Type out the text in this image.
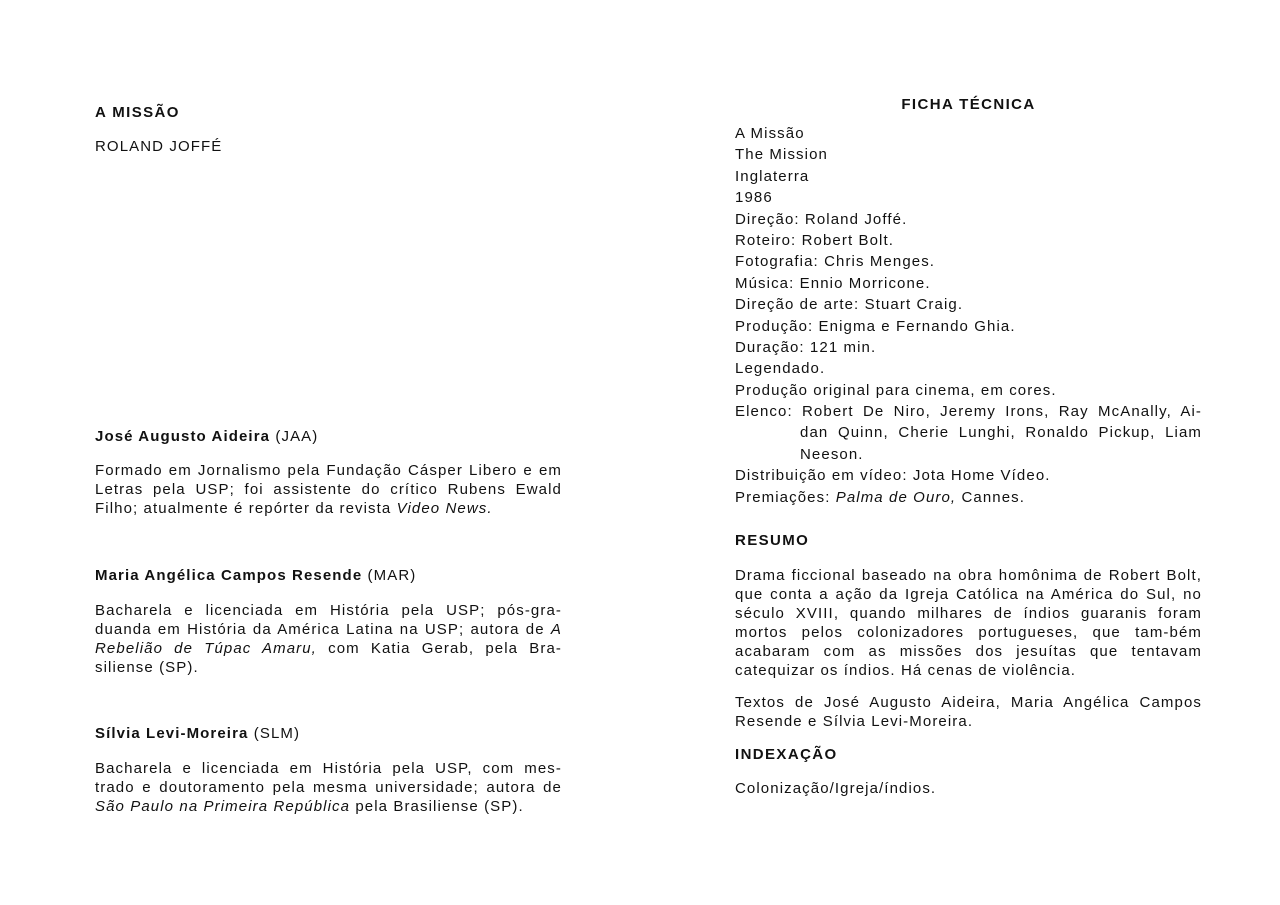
A MISSÃO
ROLAND JOFFÉ
José Augusto Aideira (JAA)
Formado em Jornalismo pela Fundação Cásper Libero e em Letras pela USP; foi assistente do crítico Rubens Ewald Filho; atualmente é repórter da revista Video News.
Maria Angélica Campos Resende (MAR)
Bacharela e licenciada em História pela USP; pós-gra-duanda em História da América Latina na USP; autora de A Rebelião de Túpac Amaru, com Katia Gerab, pela Bra-siliense (SP).
Sílvia Levi-Moreira (SLM)
Bacharela e licenciada em História pela USP, com mes-trado e doutoramento pela mesma universidade; autora de São Paulo na Primeira República pela Brasiliense (SP).
FICHA TÉCNICA
A Missão
The Mission
Inglaterra
1986
Direção: Roland Joffé.
Roteiro: Robert Bolt.
Fotografia: Chris Menges.
Música: Ennio Morricone.
Direção de arte: Stuart Craig.
Produção: Enigma e Fernando Ghia.
Duração: 121 min.
Legendado.
Produção original para cinema, em cores.
Elenco: Robert De Niro, Jeremy Irons, Ray McAnally, Ai-
dan Quinn, Cherie Lunghi, Ronaldo Pickup, Liam
Neeson.
Distribuição em vídeo: Jota Home Vídeo.
Premiações: Palma de Ouro, Cannes.
RESUMO
Drama ficcional baseado na obra homônima de Robert Bolt, que conta a ação da Igreja Católica na América do Sul, no século XVIII, quando milhares de índios guaranis foram mortos pelos colonizadores portugueses, que tam-bém acabaram com as missões dos jesuítas que tentavam catequizar os índios. Há cenas de violência.
Textos de José Augusto Aideira, Maria Angélica Campos Resende e Sílvia Levi-Moreira.
INDEXAÇÃO
Colonização/Igreja/índios.
